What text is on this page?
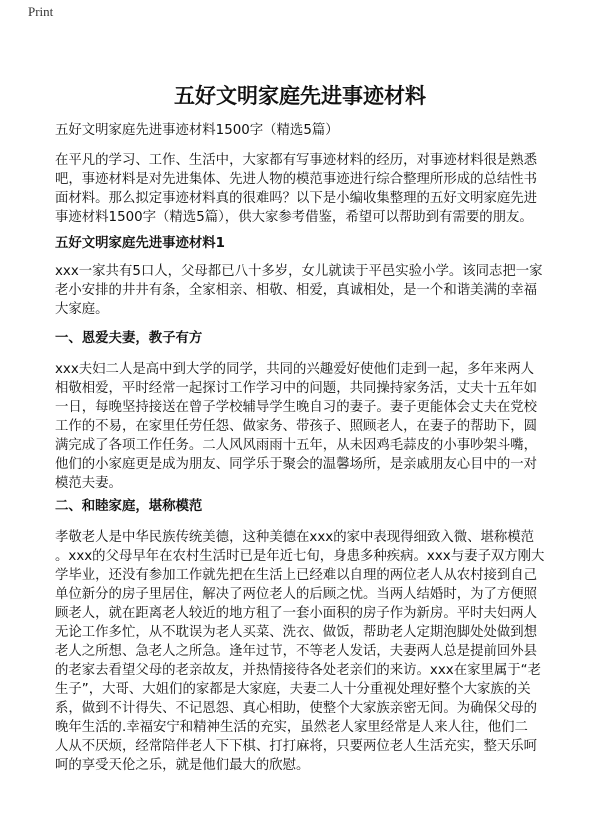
Print
五好文明家庭先进事迹材料
五好文明家庭先进事迹材料1500字（精选5篇）
在平凡的学习、工作、生活中，大家都有写事迹材料的经历，对事迹材料很是熟悉
吧，事迹材料是对先进集体、先进人物的模范事迹进行综合整理所形成的总结性书
面材料。那么拟定事迹材料真的很难吗？以下是小编收集整理的五好文明家庭先进
事迹材料1500字（精选5篇），供大家参考借鉴，希望可以帮助到有需要的朋友。
五好文明家庭先进事迹材料1
xxx一家共有5口人，父母都已八十多岁，女儿就读于平邑实验小学。该同志把一家
老小安排的井井有条，全家相亲、相敬、相爱，真诚相处，是一个和谐美满的幸福
大家庭。
一、恩爱夫妻，教子有方
xxx夫妇二人是高中到大学的同学，共同的兴趣爱好使他们走到一起，多年来两人
相敬相爱，平时经常一起探讨工作学习中的问题，共同操持家务活，丈夫十五年如
一日，每晚坚持接送在曾子学校辅导学生晚自习的妻子。妻子更能体会丈夫在党校
工作的不易，在家里任劳任怨、做家务、带孩子、照顾老人，在妻子的帮助下，圆
满完成了各项工作任务。二人风风雨雨十五年，从未因鸡毛蒜皮的小事吵架斗嘴，
他们的小家庭更是成为朋友、同学乐于聚会的温馨场所，是亲戚朋友心目中的一对
模范夫妻。
二、和睦家庭，堪称模范
孝敬老人是中华民族传统美德，这种美德在xxx的家中表现得细致入微、堪称模范
。xxx的父母早年在农村生活时已是年近七旬，身患多种疾病。xxx与妻子双方刚大
学毕业，还没有参加工作就先把在生活上已经难以自理的两位老人从农村接到自己
单位新分的房子里居住，解决了两位老人的后顾之忧。当两人结婚时，为了方便照
顾老人，就在距离老人较近的地方租了一套小面积的房子作为新房。平时夫妇两人
无论工作多忙，从不耽误为老人买菜、洗衣、做饭，帮助老人定期泡脚处处做到想
老人之所想、急老人之所急。逢年过节，不等老人发话，夫妻两人总是提前回外县
的老家去看望父母的老亲故友，并热情接待各处老亲们的来访。xxx在家里属于“老
生子”，大哥、大姐们的家都是大家庭，夫妻二人十分重视处理好整个大家族的关
系，做到不计得失、不记恩怨、真心相助，使整个大家族亲密无间。为确保父母的
晚年生活的.幸福安宁和精神生活的充实，虽然老人家里经常是人来人往，他们二
人从不厌烦，经常陪伴老人下下棋、打打麻将，只要两位老人生活充实，整天乐呵
呵的享受天伦之乐，就是他们最大的欣慰。
